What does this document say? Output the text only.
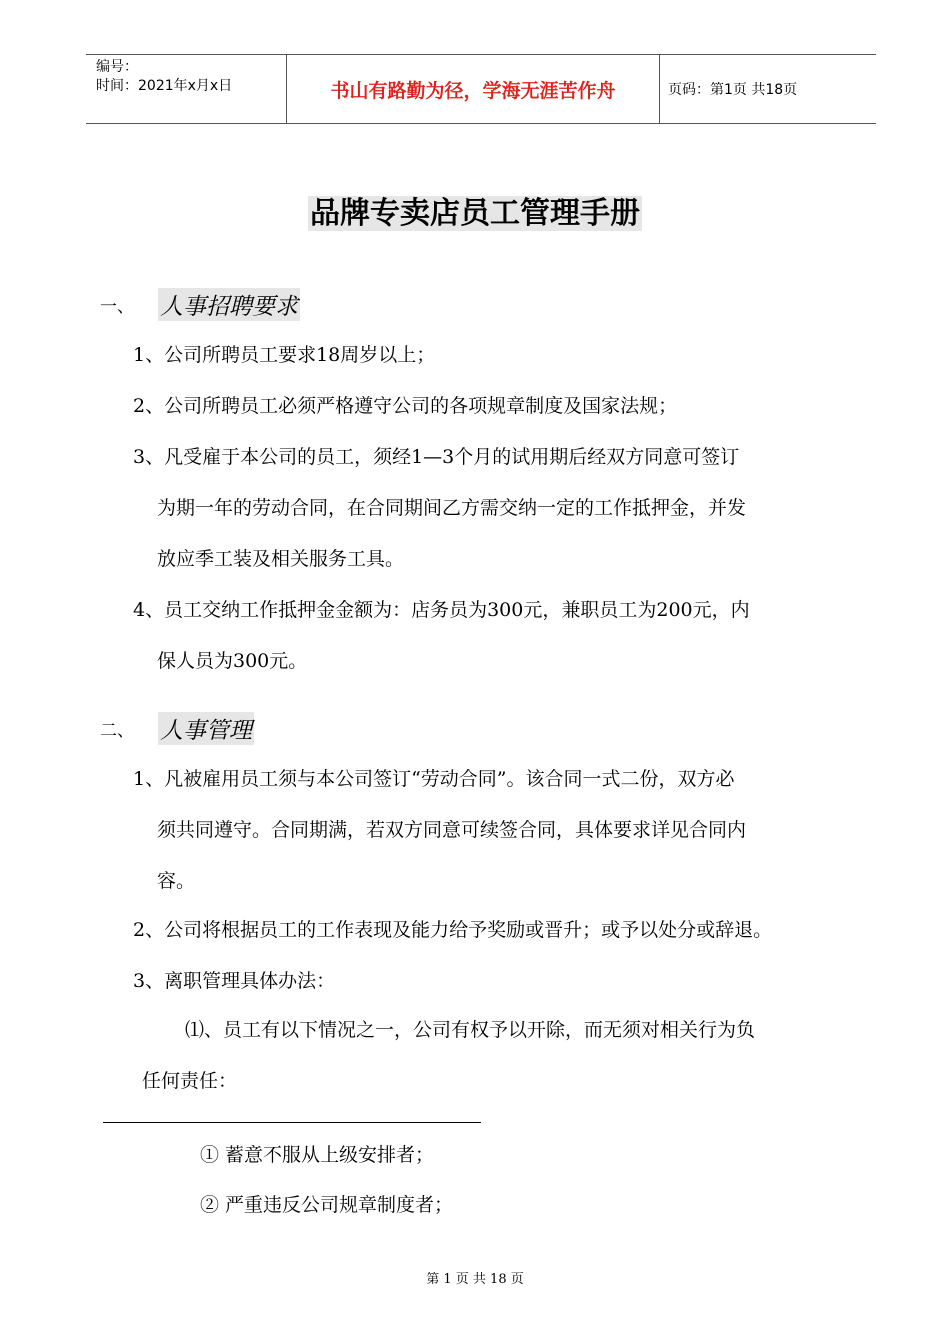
编号：
时间：2021年x月x日	书山有路勤为径，学海无涯苦作舟	页码：第1页 共18页
品牌专卖店员工管理手册
一、	人事招聘要求
1、公司所聘员工要求18周岁以上；
2、公司所聘员工必须严格遵守公司的各项规章制度及国家法规；
3、凡受雇于本公司的员工，须经1—3个月的试用期后经双方同意可签订
为期一年的劳动合同，在合同期间乙方需交纳一定的工作抵押金，并发
放应季工装及相关服务工具。
4、员工交纳工作抵押金金额为：店务员为300元，兼职员工为200元，内
保人员为300元。
二、	人事管理
1、凡被雇用员工须与本公司签订“劳动合同”。该合同一式二份，双方必
须共同遵守。合同期满，若双方同意可续签合同，具体要求详见合同内
容。
2、公司将根据员工的工作表现及能力给予奖励或晋升；或予以处分或辞退。
3、离职管理具体办法：
⑴、员工有以下情况之一，公司有权予以开除，而无须对相关行为负
任何责任：
① 蓄意不服从上级安排者；
② 严重违反公司规章制度者；
第 1 页 共 18 页
